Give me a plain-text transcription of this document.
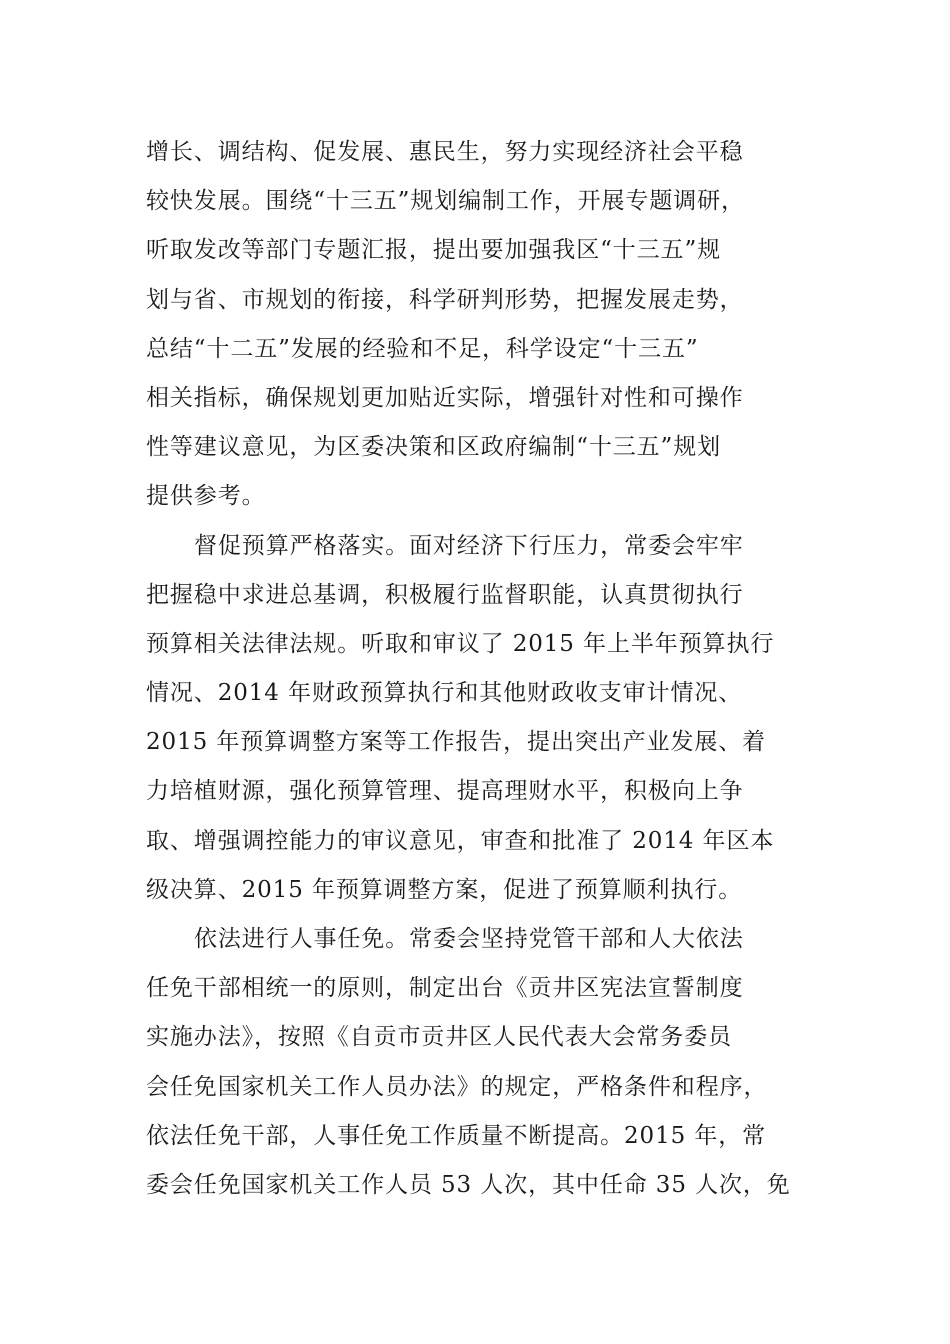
增长、调结构、促发展、惠民生，努力实现经济社会平稳
较快发展。围绕“十三五”规划编制工作，开展专题调研，
听取发改等部门专题汇报，提出要加强我区“十三五”规
划与省、市规划的衔接，科学研判形势，把握发展走势，
总结“十二五”发展的经验和不足，科学设定“十三五”
相关指标，确保规划更加贴近实际，增强针对性和可操作
性等建议意见，为区委决策和区政府编制“十三五”规划
提供参考。
督促预算严格落实。面对经济下行压力，常委会牢牢
把握稳中求进总基调，积极履行监督职能，认真贯彻执行
预算相关法律法规。听取和审议了 2015 年上半年预算执行
情况、2014 年财政预算执行和其他财政收支审计情况、
2015 年预算调整方案等工作报告，提出突出产业发展、着
力培植财源，强化预算管理、提高理财水平，积极向上争
取、增强调控能力的审议意见，审查和批准了 2014 年区本
级决算、2015 年预算调整方案，促进了预算顺利执行。
依法进行人事任免。常委会坚持党管干部和人大依法
任免干部相统一的原则，制定出台《贡井区宪法宣誓制度
实施办法》，按照《自贡市贡井区人民代表大会常务委员
会任免国家机关工作人员办法》的规定，严格条件和程序，
依法任免干部，人事任免工作质量不断提高。2015 年，常
委会任免国家机关工作人员 53 人次，其中任命 35 人次，免
